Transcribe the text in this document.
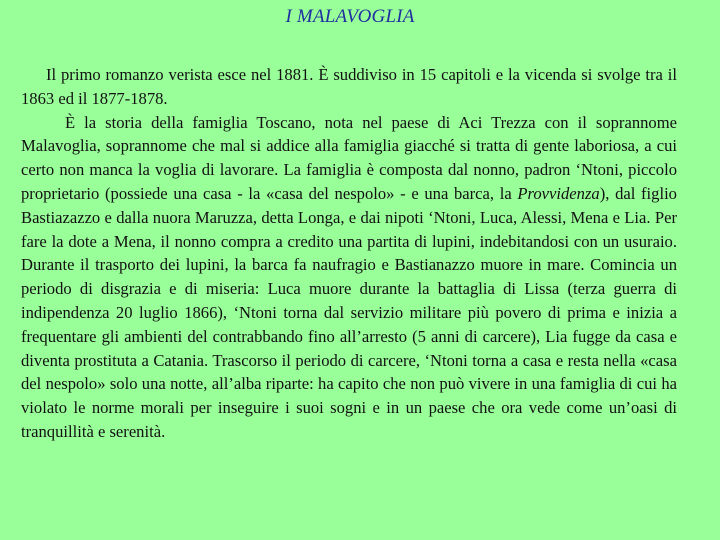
I MALAVOGLIA

Il primo romanzo verista esce nel 1881. È suddiviso in 15 capitoli e la vicenda si svolge tra il 1863 ed il 1877-1878.

È la storia della famiglia Toscano, nota nel paese di Aci Trezza con il soprannome Malavoglia, soprannome che mal si addice alla famiglia giacché si tratta di gente laboriosa, a cui certo non manca la voglia di lavorare. La famiglia è composta dal nonno, padron ‘Ntoni, piccolo proprietario (possiede una casa - la «casa del nespolo» - e una barca, la Provvidenza), dal figlio Bastiazazzo e dalla nuora Maruzza, detta Longa, e dai nipoti ‘Ntoni, Luca, Alessi, Mena e Lia. Per fare la dote a Mena, il nonno compra a credito una partita di lupini, indebitandosi con un usuraio. Durante il trasporto dei lupini, la barca fa naufragio e Bastianazzo muore in mare. Comincia un periodo di disgrazia e di miseria: Luca muore durante la battaglia di Lissa (terza guerra di indipendenza 20 luglio 1866), ‘Ntoni torna dal servizio militare più povero di prima e inizia a frequentare gli ambienti del contrabbando fino all’arresto (5 anni di carcere), Lia fugge da casa e diventa prostituta a Catania. Trascorso il periodo di carcere, ‘Ntoni torna a casa e resta nella «casa del nespolo» solo una notte, all’alba riparte: ha capito che non può vivere in una famiglia di cui ha violato le norme morali per inseguire i suoi sogni e in un paese che ora vede come un’oasi di tranquillità e serenità.
